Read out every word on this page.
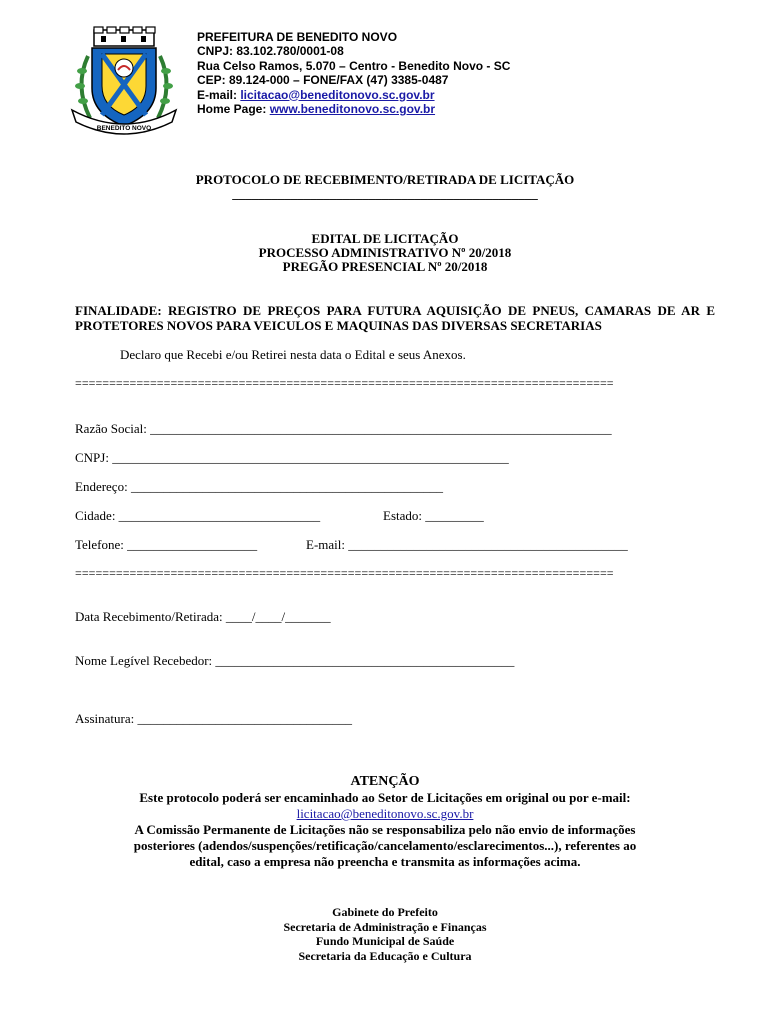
BENEDITO NOVO
PREFEITURA DE BENEDITO NOVO
CNPJ: 83.102.780/0001-08
Rua Celso Ramos, 5.070 – Centro - Benedito Novo - SC
CEP: 89.124-000 – FONE/FAX (47) 3385-0487
E-mail: licitacao@beneditonovo.sc.gov.br
Home Page: www.beneditonovo.sc.gov.br
PROTOCOLO DE RECEBIMENTO/RETIRADA DE LICITAÇÃO
_______________________________________________
EDITAL DE LICITAÇÃO
PROCESSO ADMINISTRATIVO Nº 20/2018
PREGÃO PRESENCIAL Nº 20/2018
FINALIDADE: REGISTRO DE PREÇOS PARA FUTURA AQUISIÇÃO DE PNEUS, CAMARAS DE AR E PROTETORES NOVOS PARA VEICULOS E MAQUINAS DAS DIVERSAS SECRETARIAS
Declaro que Recebi e/ou Retirei nesta data o Edital e seus Anexos.
===============================================================================
Razão Social: _______________________________________________________________________
CNPJ: _____________________________________________________________
Endereço: ________________________________________________
Cidade: _______________________________	Estado: _________
Telefone: ____________________	E-mail: ___________________________________________
===============================================================================
Data Recebimento/Retirada: ____/____/_______
Nome Legível Recebedor: ______________________________________________
Assinatura: _________________________________
ATENÇÃO
Este protocolo poderá ser encaminhado ao Setor de Licitações em original ou por e-mail:
licitacao@beneditonovo.sc.gov.br
A Comissão Permanente de Licitações não se responsabiliza pelo não envio de informações
posteriores (adendos/suspenções/retificação/cancelamento/esclarecimentos...), referentes ao
edital, caso a empresa não preencha e transmita as informações acima.
Gabinete do Prefeito
Secretaria de Administração e Finanças
Fundo Municipal de Saúde
Secretaria da Educação e Cultura
